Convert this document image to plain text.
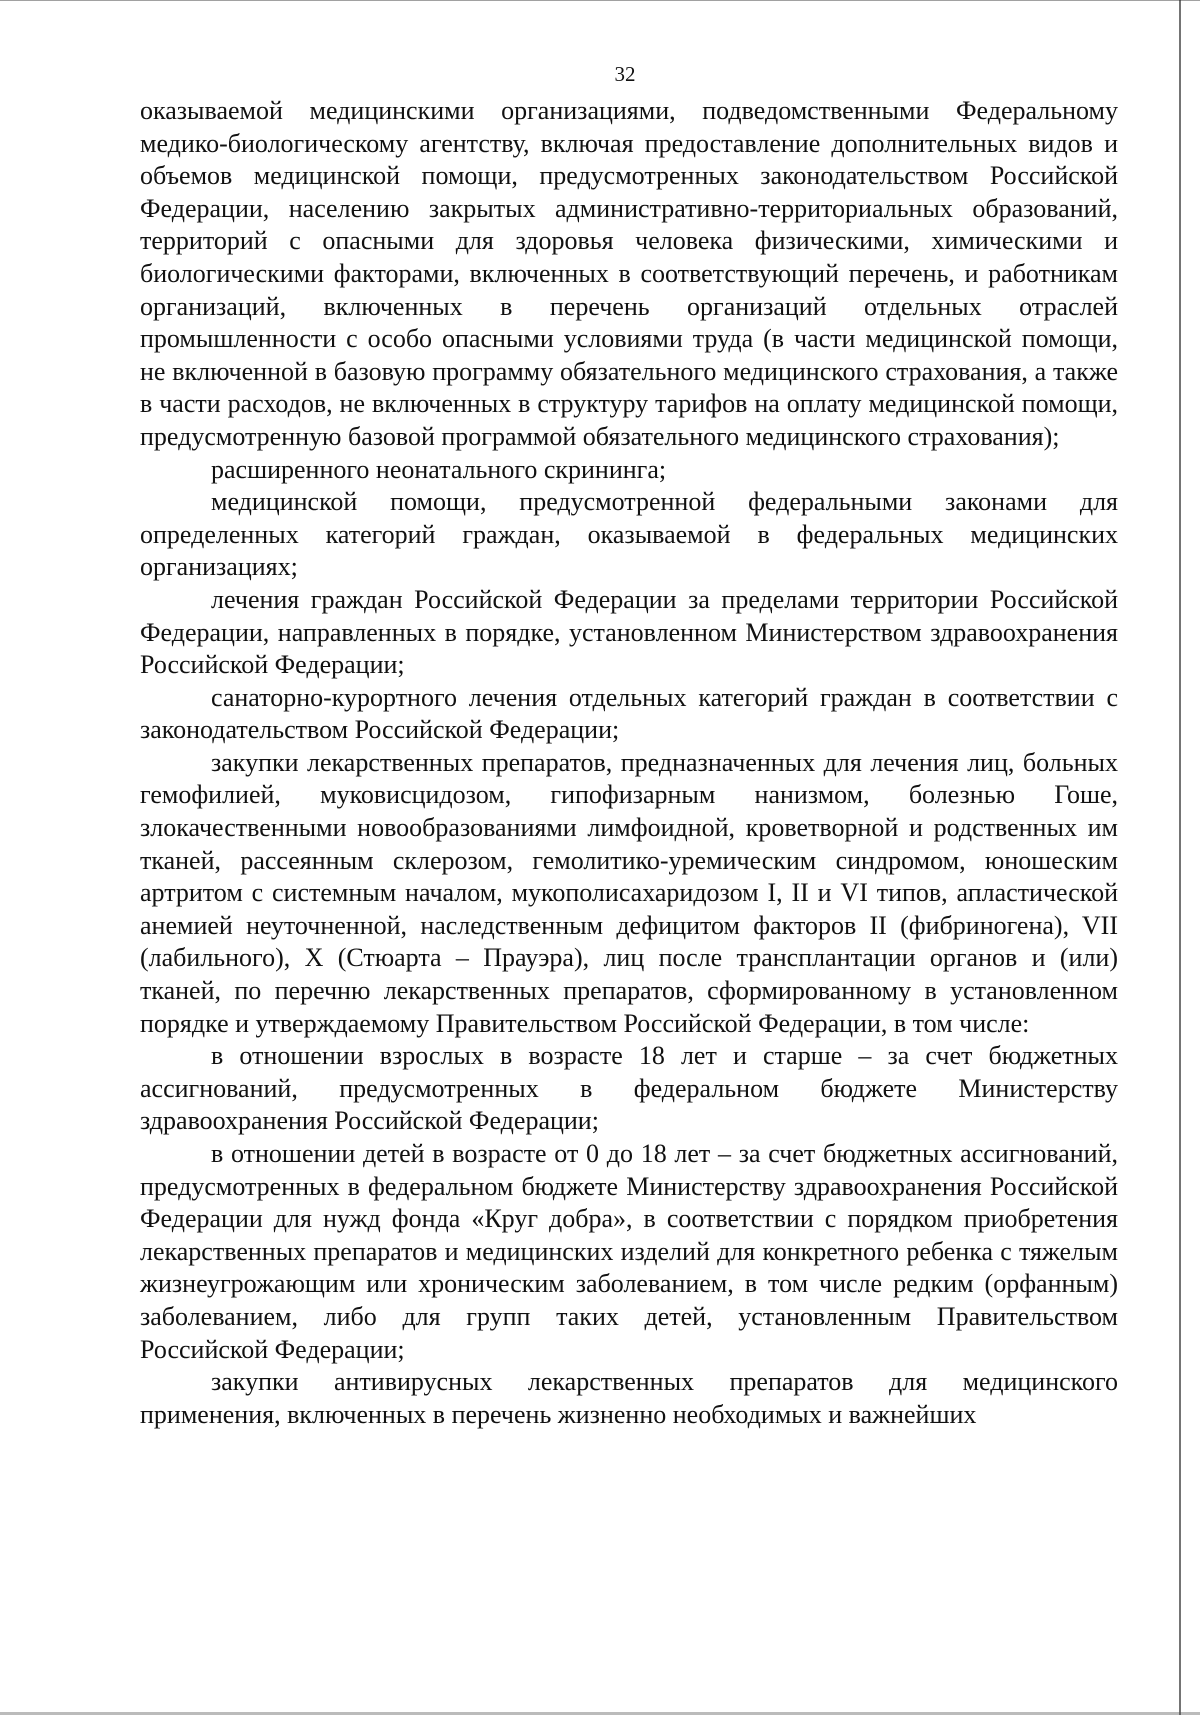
32

оказываемой медицинскими организациями, подведомственными Федеральному медико-биологическому агентству, включая предоставление дополнительных видов и объемов медицинской помощи, предусмотренных законодательством Российской Федерации, населению закрытых административно-территориальных образований, территорий с опасными для здоровья человека физическими, химическими и биологическими факторами, включенных в соответствующий перечень, и работникам организаций, включенных в перечень организаций отдельных отраслей промышленности с особо опасными условиями труда (в части медицинской помощи, не включенной в базовую программу обязательного медицинского страхования, а также в части расходов, не включенных в структуру тарифов на оплату медицинской помощи, предусмотренную базовой программой обязательного медицинского страхования);

расширенного неонатального скрининга;

медицинской помощи, предусмотренной федеральными законами для определенных категорий граждан, оказываемой в федеральных медицинских организациях;

лечения граждан Российской Федерации за пределами территории Российской Федерации, направленных в порядке, установленном Министерством здравоохранения Российской Федерации;

санаторно-курортного лечения отдельных категорий граждан в соответствии с законодательством Российской Федерации;

закупки лекарственных препаратов, предназначенных для лечения лиц, больных гемофилией, муковисцидозом, гипофизарным нанизмом, болезнью Гоше, злокачественными новообразованиями лимфоидной, кроветворной и родственных им тканей, рассеянным склерозом, гемолитико-уремическим синдромом, юношеским артритом с системным началом, мукополисахаридозом I, II и VI типов, апластической анемией неуточненной, наследственным дефицитом факторов II (фибриногена), VII (лабильного), X (Стюарта – Прауэра), лиц после трансплантации органов и (или) тканей, по перечню лекарственных препаратов, сформированному в установленном порядке и утверждаемому Правительством Российской Федерации, в том числе:

в отношении взрослых в возрасте 18 лет и старше – за счет бюджетных ассигнований, предусмотренных в федеральном бюджете Министерству здравоохранения Российской Федерации;

в отношении детей в возрасте от 0 до 18 лет – за счет бюджетных ассигнований, предусмотренных в федеральном бюджете Министерству здравоохранения Российской Федерации для нужд фонда «Круг добра», в соответствии с порядком приобретения лекарственных препаратов и медицинских изделий для конкретного ребенка с тяжелым жизнеугрожающим или хроническим заболеванием, в том числе редким (орфанным) заболеванием, либо для групп таких детей, установленным Правительством Российской Федерации;

закупки антивирусных лекарственных препаратов для медицинского применения, включенных в перечень жизненно необходимых и важнейших
